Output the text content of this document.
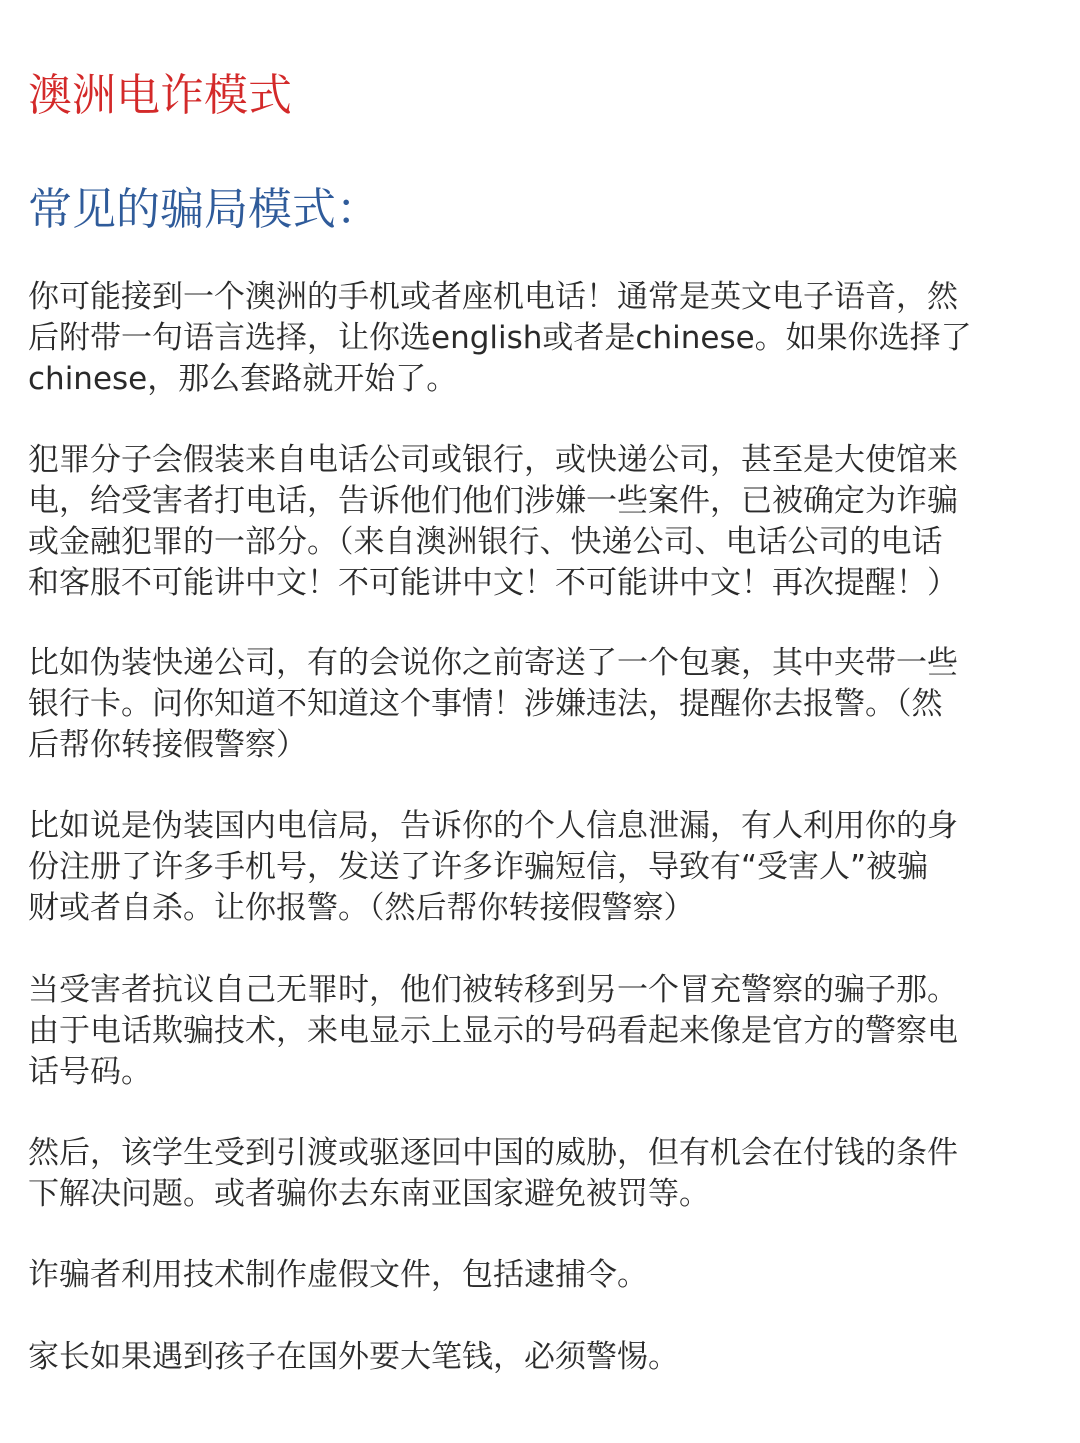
澳洲电诈模式
常见的骗局模式：

你可能接到一个澳洲的手机或者座机电话！通常是英文电子语音，然
后附带一句语言选择，让你选english或者是chinese。如果你选择了
chinese，那么套路就开始了。

犯罪分子会假装来自电话公司或银行，或快递公司，甚至是大使馆来
电，给受害者打电话，告诉他们他们涉嫌一些案件，已被确定为诈骗
或金融犯罪的一部分。（来自澳洲银行、快递公司、电话公司的电话
和客服不可能讲中文！不可能讲中文！不可能讲中文！再次提醒！）

比如伪装快递公司，有的会说你之前寄送了一个包裹，其中夹带一些
银行卡。问你知道不知道这个事情！涉嫌违法，提醒你去报警。（然
后帮你转接假警察）

比如说是伪装国内电信局，告诉你的个人信息泄漏，有人利用你的身
份注册了许多手机号，发送了许多诈骗短信，导致有“受害人”被骗
财或者自杀。让你报警。（然后帮你转接假警察）

当受害者抗议自己无罪时，他们被转移到另一个冒充警察的骗子那。
由于电话欺骗技术，来电显示上显示的号码看起来像是官方的警察电
话号码。

然后，该学生受到引渡或驱逐回中国的威胁，但有机会在付钱的条件
下解决问题。或者骗你去东南亚国家避免被罚等。

诈骗者利用技术制作虚假文件，包括逮捕令。

家长如果遇到孩子在国外要大笔钱，必须警惕。
